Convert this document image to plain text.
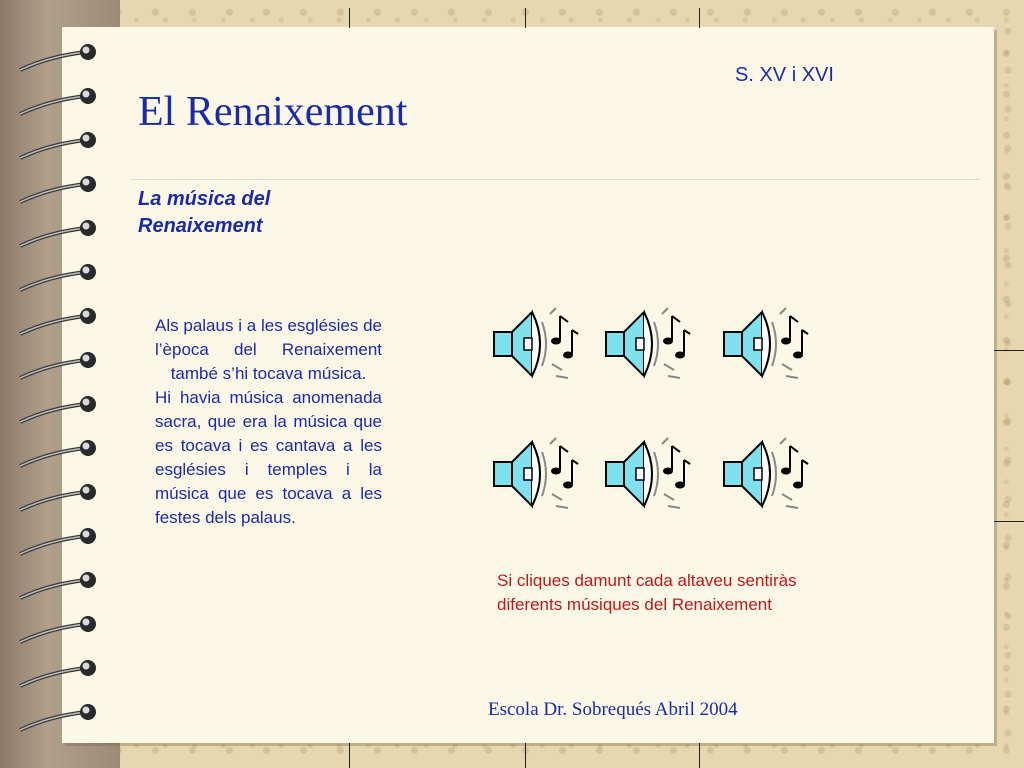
El Renaixement
S. XV i XVI
La música del Renaixement

Als palaus i a les esglésies de l’època del Renaixement també s’hi tocava música.

Hi havia música anomenada sacra, que era la música que es tocava i es cantava a les esglésies i temples i la música que es tocava a les festes dels palaus.

Si cliques damunt cada altaveu sentiràs diferents músiques del Renaixement
Escola Dr. Sobrequés Abril 2004
